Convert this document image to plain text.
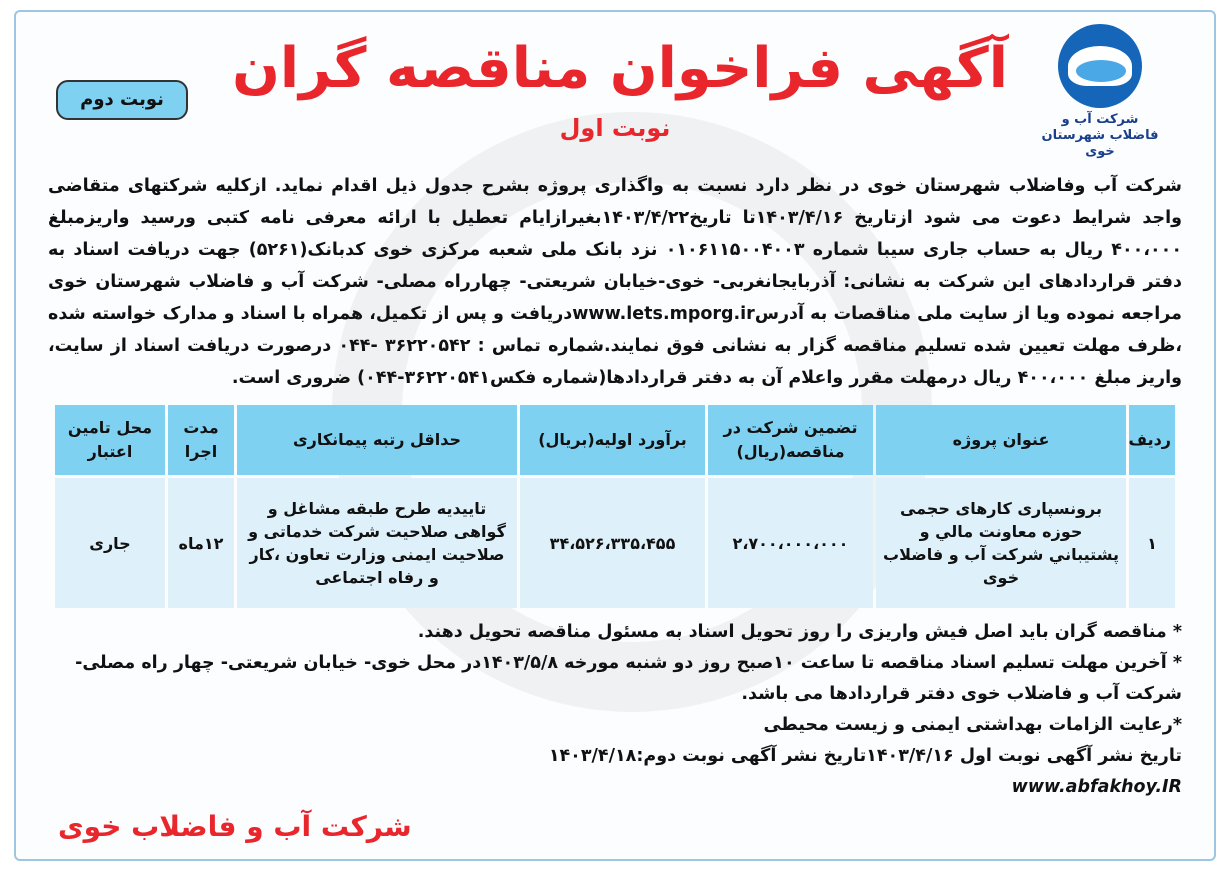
شرکت آب و فاضلاب شهرستان خوی
آگهی فراخوان مناقصه گران
نوبت اول
نوبت دوم
شرکت آب وفاضلاب شهرستان خوی در نظر دارد نسبت به واگذاری پروژه بشرح جدول ذیل اقدام نماید. ازکلیه شرکتهای متقاضی واجد شرایط دعوت می شود ازتاریخ ۱۴۰۳/۴/۱۶تا تاریخ۱۴۰۳/۴/۲۲بغیرازایام تعطیل با ارائه معرفی نامه کتبی ورسید واریزمبلغ ۴۰۰،۰۰۰ ریال به حساب جاری سیبا شماره ۰۱۰۶۱۱۵۰۰۴۰۰۳ نزد بانک ملی شعبه مرکزی خوی کدبانک(۵۲۶۱) جهت دریافت اسناد به دفتر قراردادهای این شرکت به نشانی: آذربایجانغربی- خوی-خیابان شریعتی- چهارراه مصلی- شرکت آب و فاضلاب شهرستان خوی مراجعه نموده ویا از سایت ملی مناقصات به آدرسwww.lets.mporg.irدریافت و پس از تکمیل، همراه با اسناد و مدارک خواسته شده ،ظرف مهلت تعیین شده تسلیم مناقصه گزار به نشانی فوق نمایند.شماره تماس : ۳۶۲۲۰۵۴۲ -۰۴۴ درصورت دریافت اسناد از سایت، واریز مبلغ ۴۰۰،۰۰۰ ریال درمهلت مقرر واعلام آن به دفتر قراردادها(شماره فکس۳۶۲۲۰۵۴۱-۰۴۴) ضروری است.
ردیف	عنوان پروژه	تضمین شرکت در مناقصه(ریال)	برآورد اولیه(بریال)	حداقل رتبه پیمانکاری	مدت اجرا	محل تامین اعتبار
۱	برونسپاری کارهای حجمی حوزه معاونت مالي و پشتيباني شركت آب و فاضلاب خوی	۲،۷۰۰،۰۰۰،۰۰۰	۳۴،۵۲۶،۳۳۵،۴۵۵	تاییدیه طرح طبقه مشاغل و گواهی صلاحیت شرکت خدماتی و صلاحیت ایمنی وزارت تعاون ،کار و رفاه اجتماعی	۱۲ماه	جاری
* مناقصه گران باید اصل فیش واریزی را روز تحویل اسناد به مسئول مناقصه تحویل دهند.
* آخرین مهلت تسلیم اسناد مناقصه تا ساعت ۱۰صبح روز دو شنبه مورخه ۱۴۰۳/۵/۸در محل خوی- خیابان شریعتی- چهار راه مصلی- شرکت آب و فاضلاب خوی دفتر قراردادها می باشد.
*رعایت الزامات بهداشتی ایمنی و زیست محیطی
تاریخ نشر آگهی نوبت اول ۱۴۰۳/۴/۱۶تاریخ نشر آگهی نوبت دوم:۱۴۰۳/۴/۱۸
www.abfakhoy.IR
شرکت آب و فاضلاب خوی
